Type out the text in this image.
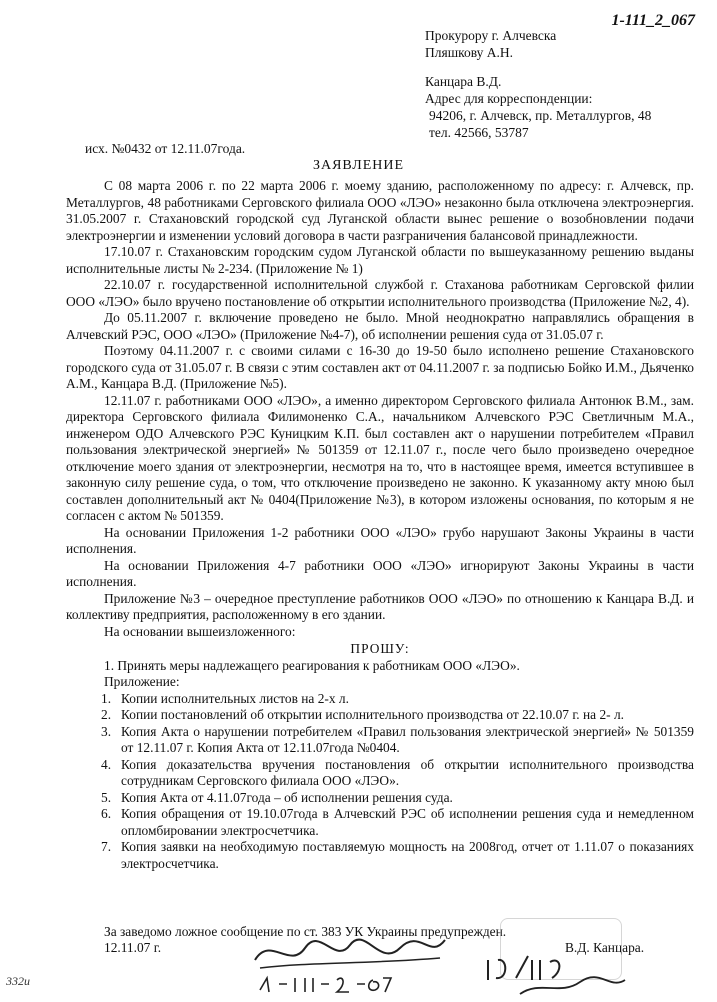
1-111_2_067
Прокурору г. Алчевска
Пляшкову А.Н.
Канцара В.Д.
Адрес для корреспонденции:
94206, г. Алчевск, пр. Металлургов, 48
тел. 42566, 53787
исх. №0432 от 12.11.07года.
ЗАЯВЛЕНИЕ

С 08 марта 2006 г. по 22 марта 2006 г. моему зданию, расположенному по адресу: г. Алчевск, пр. Металлургов, 48 работниками Серговского филиала ООО «ЛЭО» незаконно была отключена электроэнергия. 31.05.2007 г. Стахановский городской суд Луганской области вынес решение о возобновлении подачи электроэнергии и изменении условий договора в части разграничения балансовой принадлежности.

17.10.07 г. Стахановским городским судом Луганской области по вышеуказанному решению выданы исполнительные листы № 2-234. (Приложение № 1)

22.10.07 г. государственной исполнительной службой г. Стаханова работникам Серговской филии ООО «ЛЭО» было вручено постановление об открытии исполнительного производства (Приложение №2, 4).

До 05.11.2007 г. включение проведено не было. Мной неоднократно направлялись обращения в Алчевский РЭС, ООО «ЛЭО» (Приложение №4-7), об исполнении решения суда от 31.05.07 г.

Поэтому 04.11.2007 г. с своими силами с 16-30 до 19-50 было исполнено решение Стахановского городского суда от 31.05.07 г. В связи с этим составлен акт от 04.11.2007 г. за подписью Бойко И.М., Дьяченко А.М., Канцара В.Д. (Приложение №5).

12.11.07 г. работниками ООО «ЛЭО», а именно директором Серговского филиала Антонюк В.М., зам. директора Серговского филиала Филимоненко С.А., начальником Алчевского РЭС Светличным М.А., инженером ОДО Алчевского РЭС Куницким К.П. был составлен акт о нарушении потребителем «Правил пользования электрической энергией» № 501359 от 12.11.07 г., после чего было произведено очередное отключение моего здания от электроэнергии, несмотря на то, что в настоящее время, имеется вступившее в законную силу решение суда, о том, что отключение произведено не законно. К указанному акту мною был составлен дополнительный акт № 0404(Приложение №3), в котором изложены основания, по которым я не согласен с актом № 501359.

На основании Приложения 1-2 работники ООО «ЛЭО» грубо нарушают Законы Украины в части исполнения.

На основании Приложения 4-7 работники ООО «ЛЭО» игнорируют Законы Украины в части исполнения.

Приложение №3 – очередное преступление работников ООО «ЛЭО» по отношению к Канцара В.Д. и коллективу предприятия, расположенному в его здании.

На основании вышеизложенного:

ПРОШУ:

1. Принять меры надлежащего реагирования к работникам ООО «ЛЭО».

Приложение:

1. Копии исполнительных листов на 2-х л.
2. Копии постановлений об открытии исполнительного производства от 22.10.07 г. на 2- л.
3. Копия Акта о нарушении потребителем «Правил пользования электрической энергией» № 501359 от 12.11.07 г. Копия Акта от 12.11.07года №0404.
4. Копия доказательства вручения постановления об открытии исполнительного производства сотрудникам Серговского филиала ООО «ЛЭО».
5. Копия Акта от 4.11.07года – об исполнении решения суда.
6. Копия обращения от 19.10.07года в Алчевский РЭС об исполнении решения суда и немедленном опломбировании электросчетчика.
7. Копия заявки на необходимую поставляемую мощность на 2008год, отчет от 1.11.07 о показаниях электросчетчика.
За заведомо ложное сообщение по ст. 383 УК Украины предупрежден.
12.11.07 г.	В.Д. Канцара.
332и
